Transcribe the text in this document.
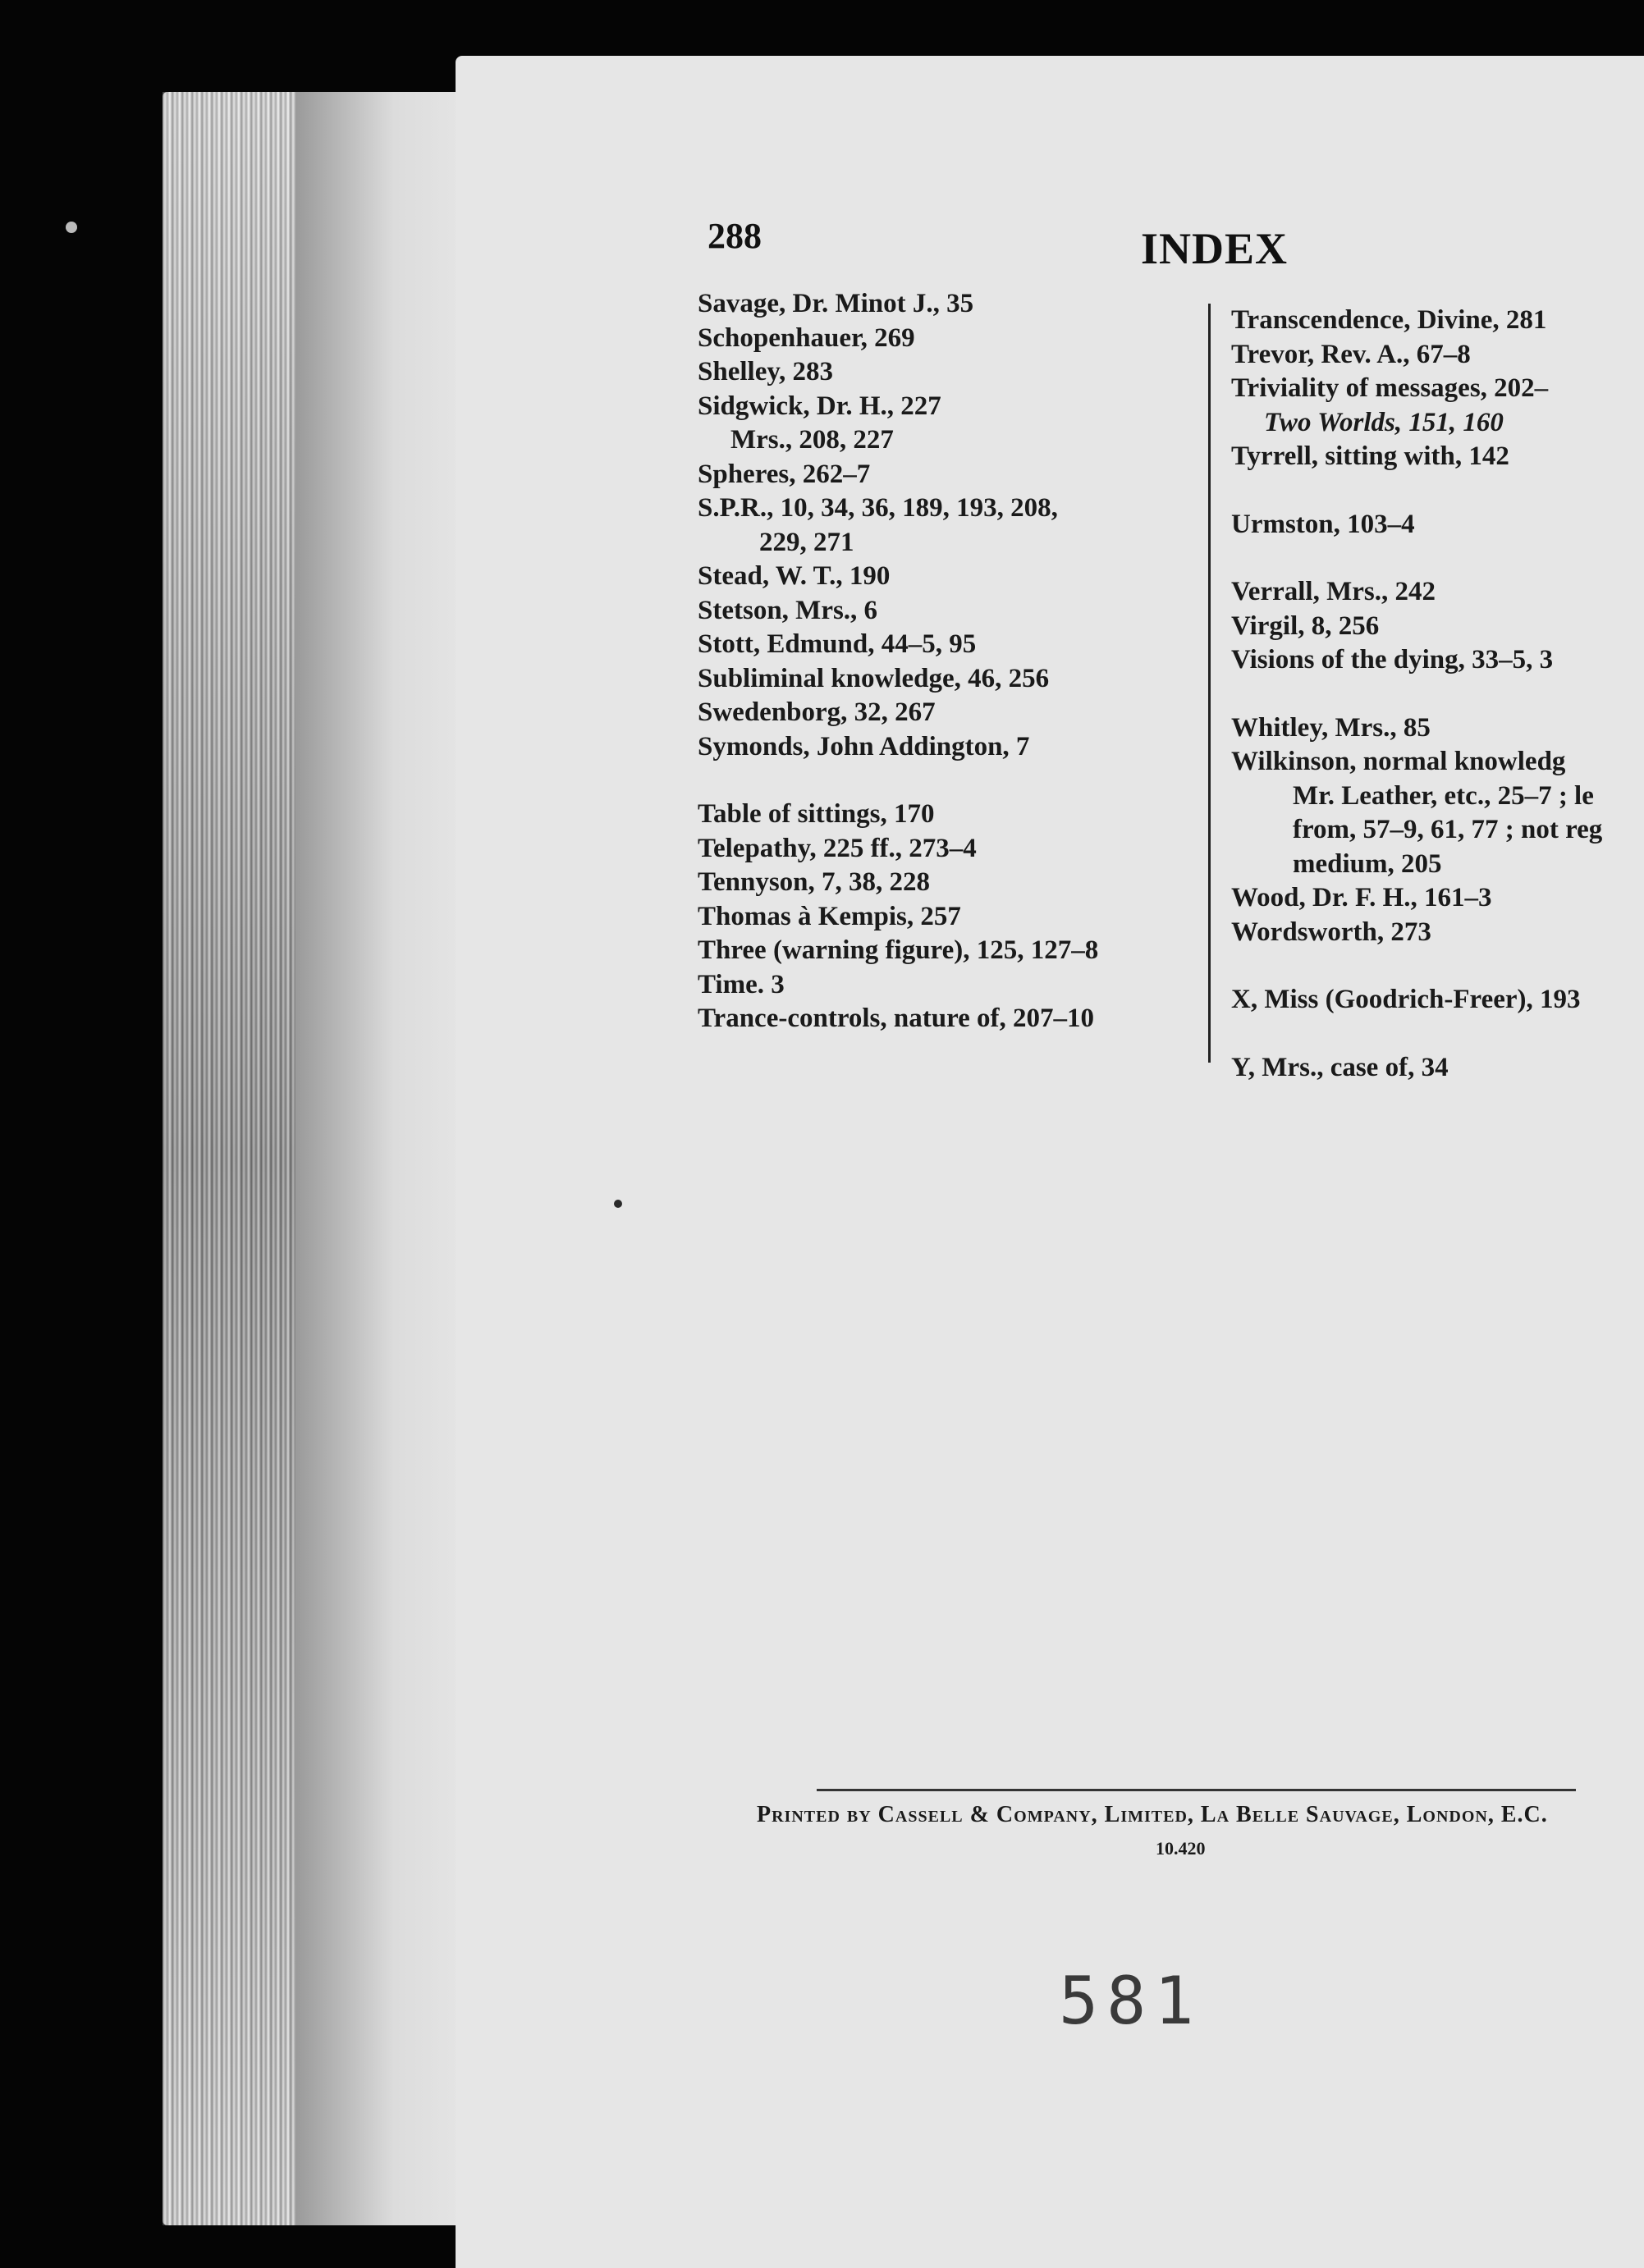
288	INDEX
Savage, Dr. Minot J., 35
Schopenhauer, 269
Shelley, 283
Sidgwick, Dr. H., 227
Mrs., 208, 227
Spheres, 262–7
S.P.R., 10, 34, 36, 189, 193, 208,
229, 271
Stead, W. T., 190
Stetson, Mrs., 6
Stott, Edmund, 44–5, 95
Subliminal knowledge, 46, 256
Swedenborg, 32, 267
Symonds, John Addington, 7
Table of sittings, 170
Telepathy, 225 ff., 273–4
Tennyson, 7, 38, 228
Thomas à Kempis, 257
Three (warning figure), 125, 127–8
Time. 3
Trance-controls, nature of, 207–10
Transcendence, Divine, 281
Trevor, Rev. A., 67–8
Triviality of messages, 202–
Two Worlds, 151, 160
Tyrrell, sitting with, 142
Urmston, 103–4
Verrall, Mrs., 242
Virgil, 8, 256
Visions of the dying, 33–5, 3
Whitley, Mrs., 85
Wilkinson, normal knowledg
Mr. Leather, etc., 25–7 ; le
from, 57–9, 61, 77 ; not reg
medium, 205
Wood, Dr. F. H., 161–3
Wordsworth, 273
X, Miss (Goodrich-Freer), 193
Y, Mrs., case of, 34
Printed by Cassell & Company, Limited, La Belle Sauvage, London, E.C.
10.420
581
